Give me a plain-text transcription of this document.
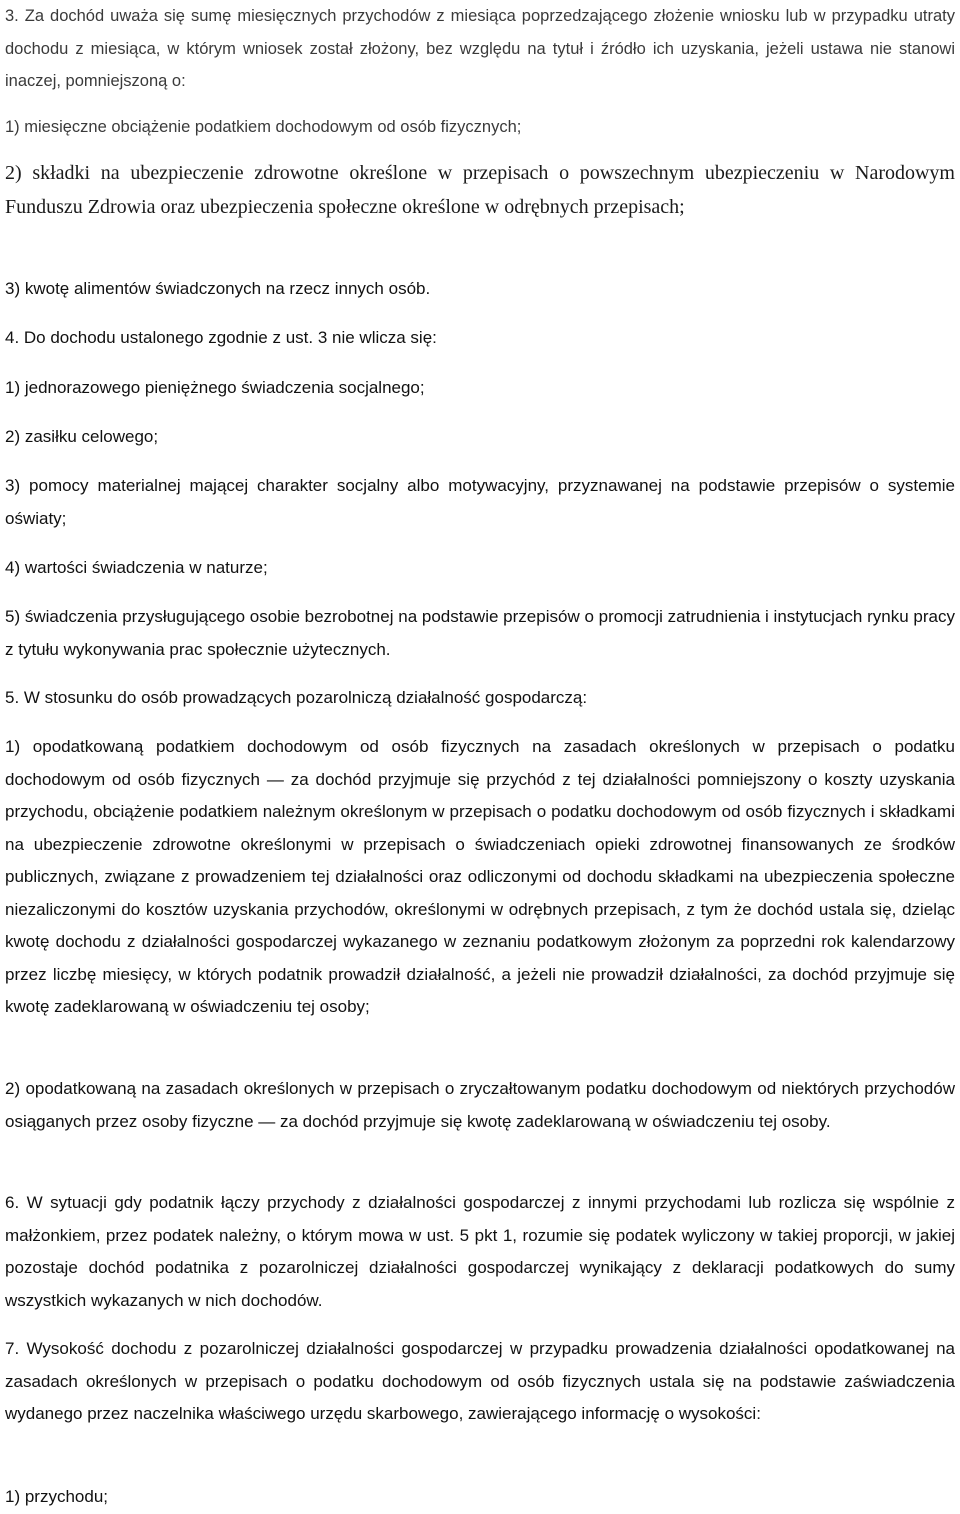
3. Za dochód uważa się sumę miesięcznych przychodów z miesiąca poprzedzającego złożenie wniosku lub w przypadku utraty dochodu z miesiąca, w którym wniosek został złożony, bez względu na tytuł i źródło ich uzyskania, jeżeli ustawa nie stanowi inaczej, pomniejszoną o:

1) miesięczne obciążenie podatkiem dochodowym od osób fizycznych;

2) składki na ubezpieczenie zdrowotne określone w przepisach o powszechnym ubezpieczeniu w Narodowym Funduszu Zdrowia oraz ubezpieczenia społeczne określone w odrębnych przepisach;

3) kwotę alimentów świadczonych na rzecz innych osób.

4. Do dochodu ustalonego zgodnie z ust. 3 nie wlicza się:

1) jednorazowego pieniężnego świadczenia socjalnego;

2) zasiłku celowego;

3) pomocy materialnej mającej charakter socjalny albo motywacyjny, przyznawanej na podstawie przepisów o systemie oświaty;

4) wartości świadczenia w naturze;

5) świadczenia przysługującego osobie bezrobotnej na podstawie przepisów o promocji zatrudnienia i instytucjach rynku pracy z tytułu wykonywania prac społecznie użytecznych.

5. W stosunku do osób prowadzących pozarolniczą działalność gospodarczą:

1) opodatkowaną podatkiem dochodowym od osób fizycznych na zasadach określonych w przepisach o podatku dochodowym od osób fizycznych — za dochód przyjmuje się przychód z tej działalności pomniejszony o koszty uzyskania przychodu, obciążenie podatkiem należnym określonym w przepisach o podatku dochodowym od osób fizycznych i składkami na ubezpieczenie zdrowotne określonymi w przepisach o świadczeniach opieki zdrowotnej finansowanych ze środków publicznych, związane z prowadzeniem tej działalności oraz odliczonymi od dochodu składkami na ubezpieczenia społeczne niezaliczonymi do kosztów uzyskania przychodów, określonymi w odrębnych przepisach, z tym że dochód ustala się, dzieląc kwotę dochodu z działalności gospodarczej wykazanego w zeznaniu podatkowym złożonym za poprzedni rok kalendarzowy przez liczbę miesięcy, w których podatnik prowadził działalność, a jeżeli nie prowadził działalności, za dochód przyjmuje się kwotę zadeklarowaną w oświadczeniu tej osoby;

2) opodatkowaną na zasadach określonych w przepisach o zryczałtowanym podatku dochodowym od niektórych przychodów osiąganych przez osoby fizyczne — za dochód przyjmuje się kwotę zadeklarowaną w oświadczeniu tej osoby.

6. W sytuacji gdy podatnik łączy przychody z działalności gospodarczej z innymi przychodami lub rozlicza się wspólnie z małżonkiem, przez podatek należny, o którym mowa w ust. 5 pkt 1, rozumie się podatek wyliczony w takiej proporcji, w jakiej pozostaje dochód podatnika z pozarolniczej działalności gospodarczej wynikający z deklaracji podatkowych do sumy wszystkich wykazanych w nich dochodów.

7. Wysokość dochodu z pozarolniczej działalności gospodarczej w przypadku prowadzenia działalności opodatkowanej na zasadach określonych w przepisach o podatku dochodowym od osób fizycznych ustala się na podstawie zaświadczenia wydanego przez naczelnika właściwego urzędu skarbowego, zawierającego informację o wysokości:

1) przychodu;
